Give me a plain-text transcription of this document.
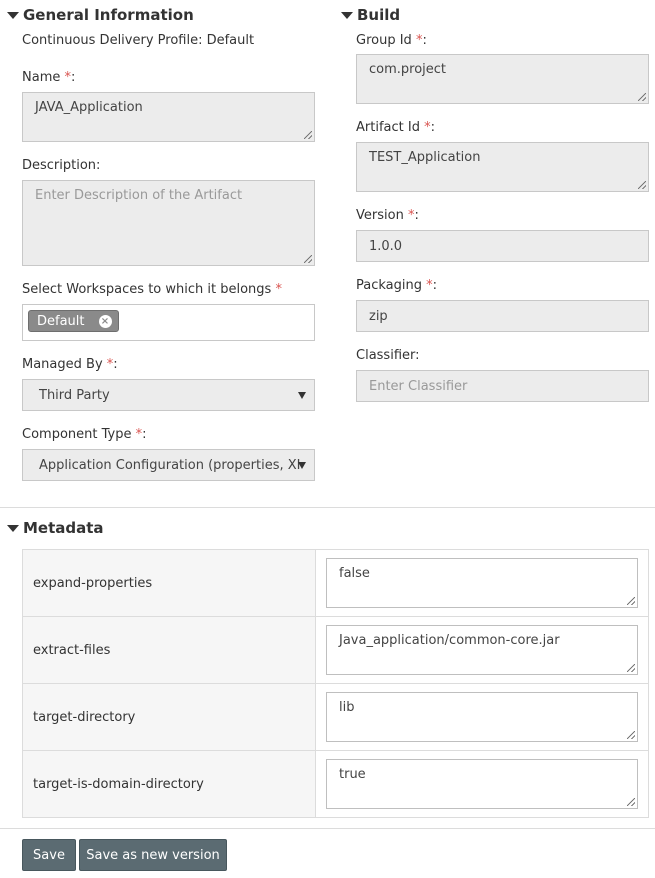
General Information
Continuous Delivery Profile: Default
Name *:
JAVA_Application
Description:
Enter Description of the Artifact
Select Workspaces to which it belongs *
Default ×
Managed By *:
Third Party
Component Type *:
Application Configuration (properties, XI
Build
Group Id *:
com.project
Artifact Id *:
TEST_Application
Version *:
1.0.0
Packaging *:
zip
Classifier:
Enter Classifier
Metadata
expand-properties	false

extract-files	Java_application/common-core.jar

target-directory	lib

target-is-domain-directory	true
Save	Save as new version
